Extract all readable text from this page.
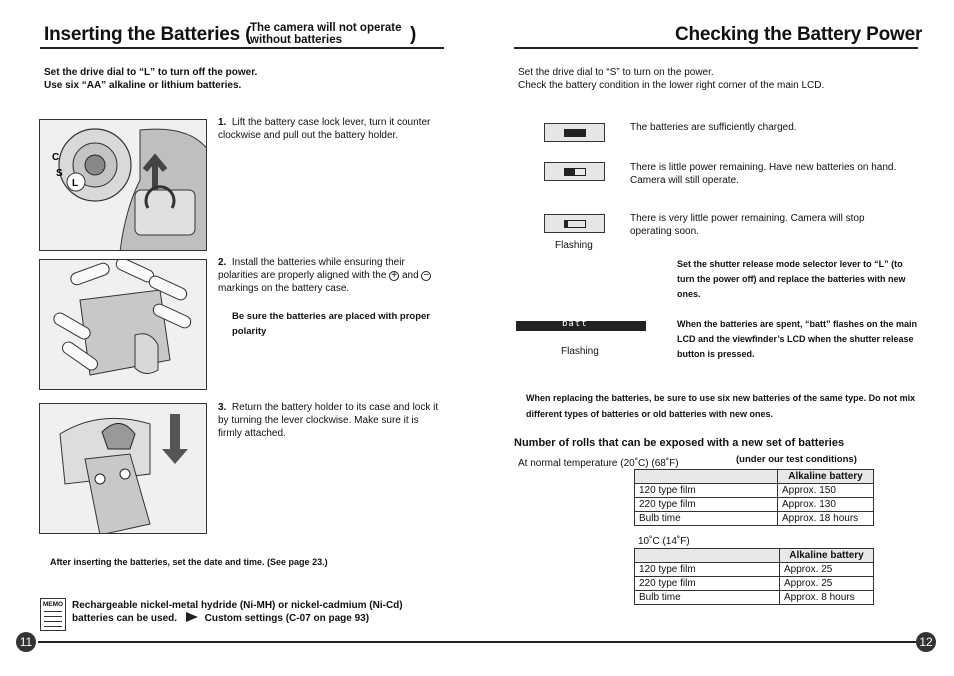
Inserting the Batteries (
The camera will not operate
without batteries	)
Set the drive dial to “L” to turn off the power.
Use six “AA” alkaline or lithium batteries.
C
S
L
1. Lift the battery case lock lever, turn it counter clockwise and pull out the battery holder.
2. Install the batteries while ensuring their polarities are properly aligned with the + and − markings on the battery case.
Be sure the batteries are placed with proper polarity
3. Return the battery holder to its case and lock it by turning the lever clockwise. Make sure it is firmly attached.
After inserting the batteries, set the date and time. (See page 23.)
MEMO Rechargeable nickel-metal hydride (Ni-MH) or nickel-cadmium (Ni-Cd)
batteries can be used.	Custom settings (C-07 on page 93)
11
Checking the Battery Power
Set the drive dial to “S” to turn on the power.
Check the battery condition in the lower right corner of the main LCD.
The batteries are sufficiently charged.
There is little power remaining. Have new batteries on hand. Camera will still operate.
Flashing
There is very little power remaining. Camera will stop operating soon.
Set the shutter release mode selector lever to “L” (to turn the power off) and replace the batteries with new ones.
batt
Flashing
When the batteries are spent, “batt” flashes on the main LCD and the viewfinder’s LCD when the shutter release button is pressed.
When replacing the batteries, be sure to use six new batteries of the same type. Do not mix different types of batteries or old batteries with new ones.
Number of rolls that can be exposed with a new set of batteries
At normal temperature (20˚C) (68˚F)	(under our test conditions)
	Alkaline battery
120 type film	Approx. 150
220 type film	Approx. 130
Bulb time	Approx. 18 hours
10˚C (14˚F)
	Alkaline battery
120 type film	Approx. 25
220 type film	Approx. 25
Bulb time	Approx. 8 hours
12
